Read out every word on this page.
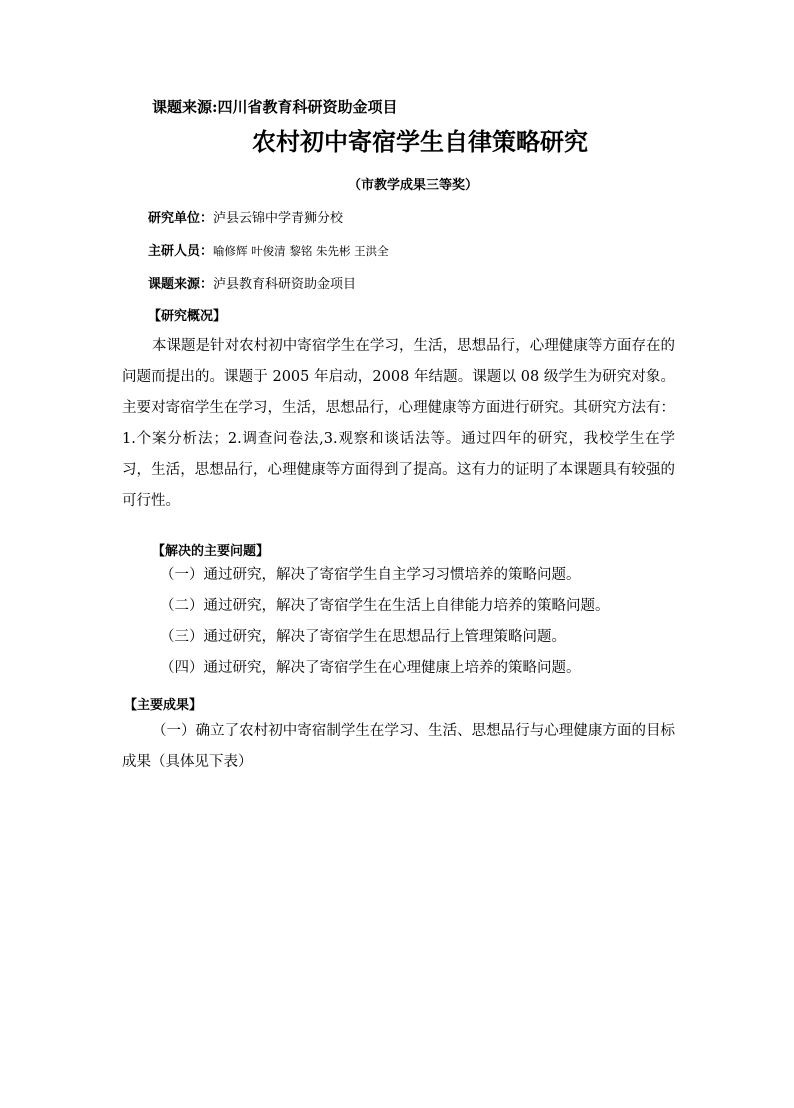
课题来源:四川省教育科研资助金项目
农村初中寄宿学生自律策略研究
（市教学成果三等奖）
研究单位：泸县云锦中学青狮分校
主研人员：喻修辉 叶俊清 黎铭 朱先彬 王洪全
课题来源：泸县教育科研资助金项目
【研究概况】
本课题是针对农村初中寄宿学生在学习，生活，思想品行，心理健康等方面存在的问题而提出的。课题于 2005 年启动，2008 年结题。课题以 08 级学生为研究对象。主要对寄宿学生在学习，生活，思想品行，心理健康等方面进行研究。其研究方法有：1.个案分析法；2.调查问卷法,3.观察和谈话法等。通过四年的研究，我校学生在学习，生活，思想品行，心理健康等方面得到了提高。这有力的证明了本课题具有较强的可行性。
【解决的主要问题】
（一）通过研究，解决了寄宿学生自主学习习惯培养的策略问题。
（二）通过研究，解决了寄宿学生在生活上自律能力培养的策略问题。
（三）通过研究，解决了寄宿学生在思想品行上管理策略问题。
（四）通过研究，解决了寄宿学生在心理健康上培养的策略问题。
【主要成果】
（一）确立了农村初中寄宿制学生在学习、生活、思想品行与心理健康方面的目标成果（具体见下表）
